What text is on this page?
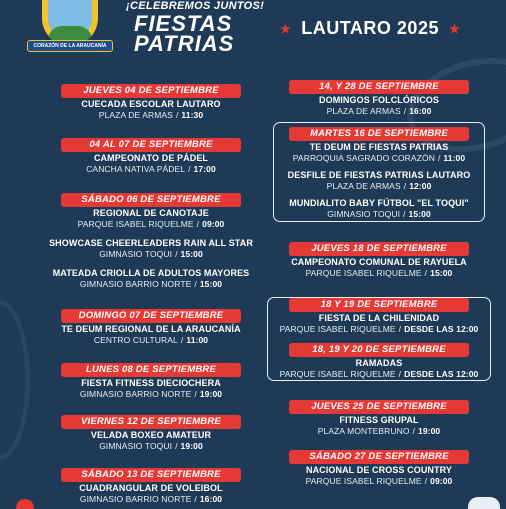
CORAZÓN DE LA ARAUCANÍA
¡CELEBREMOS JUNTOS!
FIESTAS
PATRIAS
★ LAUTARO 2025 ★
JUEVES 04 DE SEPTIEMBRE
CUECADA ESCOLAR LAUTARO
PLAZA DE ARMAS / 11:30
04 AL 07 DE SEPTIEMBRE
CAMPEONATO DE PÁDEL
CANCHA NATIVA PÁDEL / 17:00
SÁBADO 06 DE SEPTIEMBRE
REGIONAL DE CANOTAJE
PARQUE ISABEL RIQUELME / 09:00
SHOWCASE CHEERLEADERS RAIN ALL STAR
GIMNASIO TOQUI / 15:00
MATEADA CRIOLLA DE ADULTOS MAYORES
GIMNASIO BARRIO NORTE / 15:00
DOMINGO 07 DE SEPTIEMBRE
TE DEUM REGIONAL DE LA ARAUCANÍA
CENTRO CULTURAL / 11:00
LUNES 08 DE SEPTIEMBRE
FIESTA FITNESS DIECIOCHERA
GIMNASIO BARRIO NORTE / 19:00
VIERNES 12 DE SEPTIEMBRE
VELADA BOXEO AMATEUR
GIMNASIO TOQUI / 19:00
SÁBADO 13 DE SEPTIEMBRE
CUADRANGULAR DE VOLEIBOL
GIMNASIO BARRIO NORTE / 16:00
14, Y 28 DE SEPTIEMBRE
DOMINGOS FOLCLÓRICOS
PLAZA DE ARMAS / 16:00
MARTES 16 DE SEPTIEMBRE
TE DEUM DE FIESTAS PATRIAS
PARROQUIA SAGRADO CORAZÓN / 11:00
DESFILE DE FIESTAS PATRIAS LAUTARO
PLAZA DE ARMAS / 12:00
MUNDIALITO BABY FÚTBOL "EL TOQUI"
GIMNASIO TOQUI / 15:00
JUEVES 18 DE SEPTIEMBRE
CAMPEONATO COMUNAL DE RAYUELA
PARQUE ISABEL RIQUELME / 15:00
18 Y 19 DE SEPTIEMBRE
FIESTA DE LA CHILENIDAD
PARQUE ISABEL RIQUELME / DESDE LAS 12:00
18, 19 Y 20 DE SEPTIEMBRE
RAMADAS
PARQUE ISABEL RIQUELME / DESDE LAS 12:00
JUEVES 25 DE SEPTIEMBRE
FITNESS GRUPAL
PLAZA MONTEBRUNO / 19:00
SÁBADO 27 DE SEPTIEMBRE
NACIONAL DE CROSS COUNTRY
PARQUE ISABEL RIQUELME / 09:00
